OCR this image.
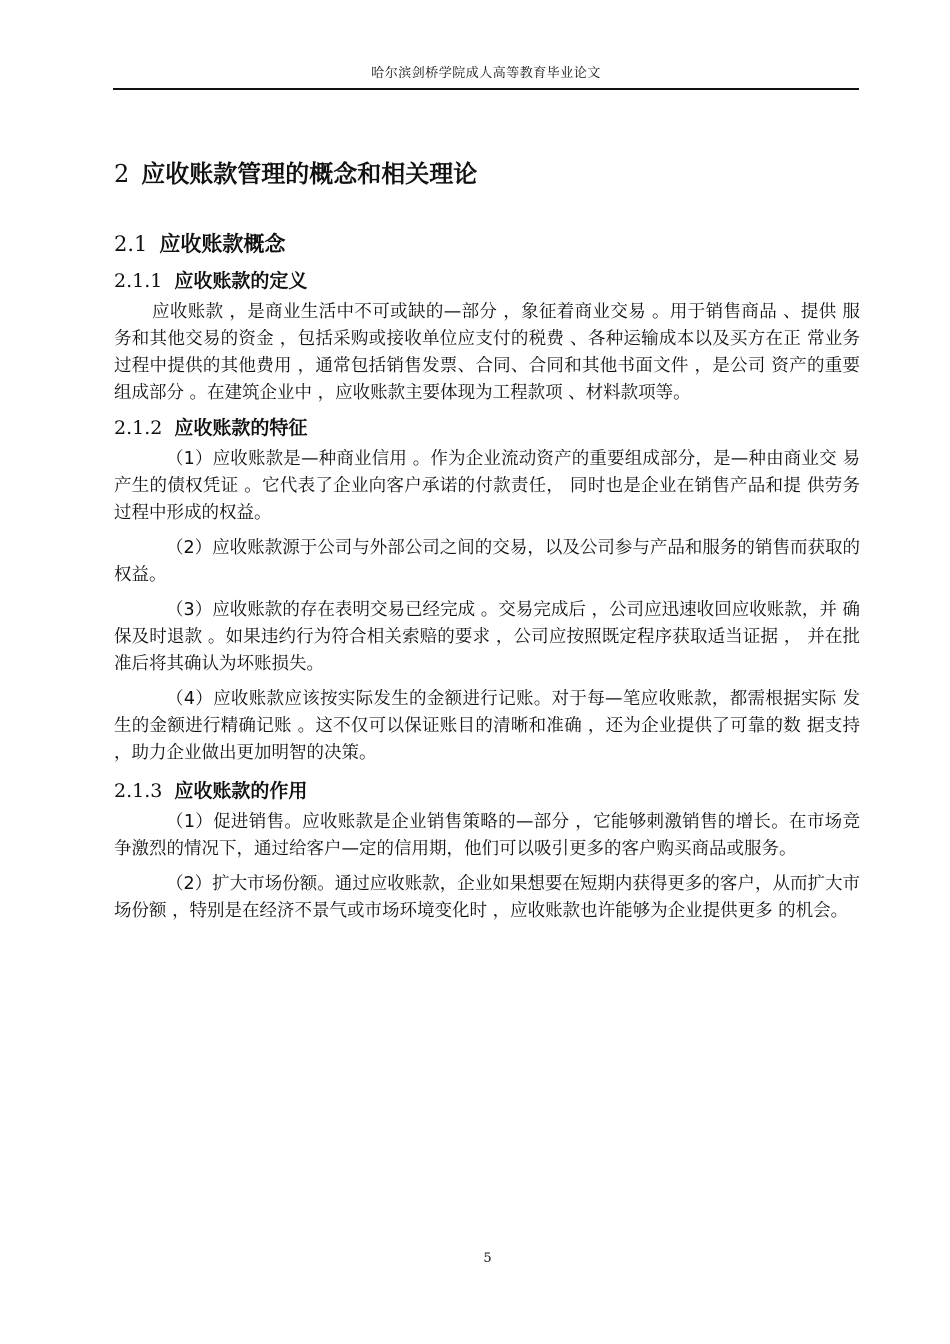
哈尔滨剑桥学院成人高等教育毕业论文
2 应收账款管理的概念和相关理论
2.1 应收账款概念
2.1.1 应收账款的定义

应收账款 ，是商业生活中不可或缺的—部分 ，象征着商业交易 。用于销售商品 、提供 服务和其他交易的资金 ，包括采购或接收单位应支付的税费 、各种运输成本以及买方在正 常业务过程中提供的其他费用 ，通常包括销售发票、合同、合同和其他书面文件 ，是公司 资产的重要组成部分 。在建筑企业中 ，应收账款主要体现为工程款项 、材料款项等。

2.1.2 应收账款的特征

（1）应收账款是—种商业信用 。作为企业流动资产的重要组成部分，是—种由商业交 易产生的债权凭证 。它代表了企业向客户承诺的付款责任， 同时也是企业在销售产品和提 供劳务过程中形成的权益。

（2）应收账款源于公司与外部公司之间的交易，以及公司参与产品和服务的销售而获取的权益。

（3）应收账款的存在表明交易已经完成 。交易完成后 ，公司应迅速收回应收账款，并 确保及时退款 。如果违约行为符合相关索赔的要求 ，公司应按照既定程序获取适当证据 ， 并在批准后将其确认为坏账损失。

（4）应收账款应该按实际发生的金额进行记账。对于每—笔应收账款，都需根据实际 发生的金额进行精确记账 。这不仅可以保证账目的清晰和准确 ，还为企业提供了可靠的数 据支持 ，助力企业做出更加明智的决策。

2.1.3 应收账款的作用

（1）促进销售。应收账款是企业销售策略的—部分 ，它能够刺激销售的增长。在市场竞争激烈的情况下，通过给客户—定的信用期，他们可以吸引更多的客户购买商品或服务。

（2）扩大市场份额。通过应收账款，企业如果想要在短期内获得更多的客户，从而扩大市场份额 ，特别是在经济不景气或市场环境变化时 ，应收账款也许能够为企业提供更多 的机会。

5
